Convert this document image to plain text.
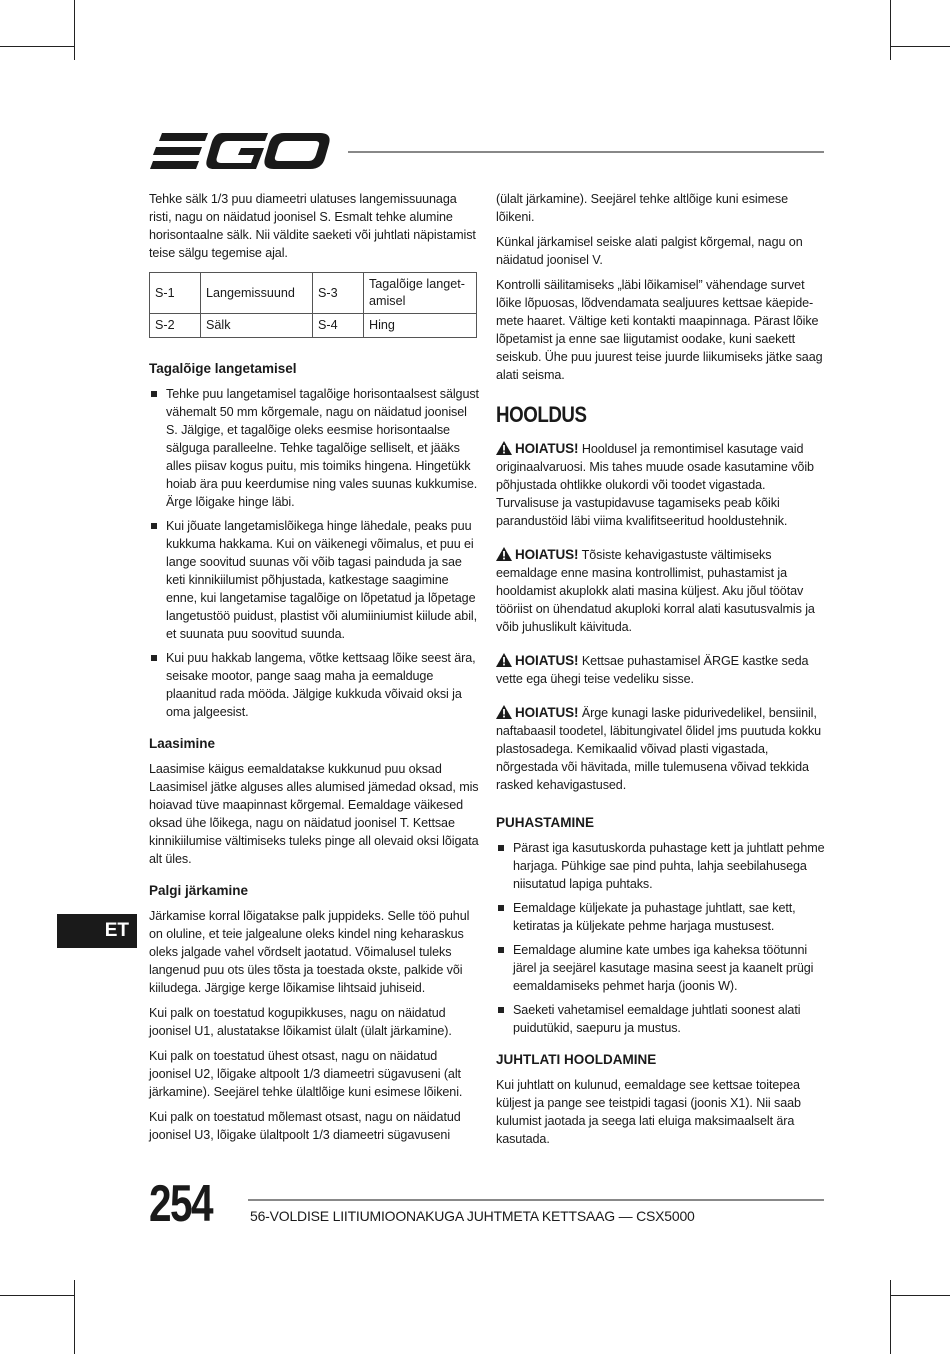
Tehke sälk 1/3 puu diameetri ulatuses langemissuunaga risti, nagu on näidatud joonisel S. Esmalt tehke alumine horisontaalne sälk. Nii väldite saeketi või juhtlati näpistamist teise sälgu tegemise ajal.

S-1	Langemissuund	S-3	Tagalõige langetamisel
S-2	Sälk	S-4	Hing
Tagalõige langetamisel
Tehke puu langetamisel tagalõige horisontaalsest sälgust vähemalt 50 mm kõrgemale, nagu on näidatud joonisel S. Jälgige, et tagalõige oleks eesmise horisontaalse sälguga paralleelne. Tehke tagalõige selliselt, et jääks alles piisav kogus puitu, mis toimiks hingena. Hingetükk hoiab ära puu keerdumise ning vales suunas kukkumise. Ärge lõigake hinge läbi.
Kui jõuate langetamislõikega hinge lähedale, peaks puu kukkuma hakkama. Kui on väikenegi võimalus, et puu ei lange soovitud suunas või võib tagasi painduda ja sae keti kinnikiilumist põhjustada, katkestage saagimine enne, kui langetamise tagalõige on lõpetatud ja lõpetage langetustöö puidust, plastist või alumiiniumist kiilude abil, et suunata puu soovitud suunda.
Kui puu hakkab langema, võtke kettsaag lõike seest ära, seisake mootor, pange saag maha ja eemalduge plaanitud rada mööda. Jälgige kukkuda võivaid oksi ja oma jalgeesist.
Laasimine

Laasimise käigus eemaldatakse kukkunud puu oksad Laasimisel jätke alguses alles alumised jämedad oksad, mis hoiavad tüve maapinnast kõrgemal. Eemaldage väikesed oksad ühe lõikega, nagu on näidatud joonisel T. Kettsae kinnikiilumise vältimiseks tuleks pinge all olevaid oksi lõigata alt üles.

Palgi järkamine

Järkamise korral lõigatakse palk juppideks. Selle töö puhul on oluline, et teie jalgealune oleks kindel ning keharaskus oleks jalgade vahel võrdselt jaotatud. Võimalusel tuleks langenud puu ots üles tõsta ja toestada okste, palkide või kiiludega. Järgige kerge lõikamise lihtsaid juhiseid.

Kui palk on toestatud kogupikkuses, nagu on näidatud joonisel U1, alustatakse lõikamist ülalt (ülalt järkamine).

Kui palk on toestatud ühest otsast, nagu on näidatud joonisel U2, lõigake altpoolt 1/3 diameetri sügavuseni (alt järkamine). Seejärel tehke ülaltlõige kuni esimese lõikeni.

Kui palk on toestatud mõlemast otsast, nagu on näidatud joonisel U3, lõigake ülaltpoolt 1/3 diameetri sügavuseni

(ülalt järkamine). Seejärel tehke altlõige kuni esimese lõikeni.

Künkal järkamisel seiske alati palgist kõrgemal, nagu on näidatud joonisel V.

Kontrolli säilitamiseks „läbi lõikamisel” vähendage survet lõike lõpuosas, lõdvendamata sealjuures kettsae käepidemete haaret. Vältige keti kontakti maapinnaga. Pärast lõike lõpetamist ja enne sae liigutamist oodake, kuni saekett seiskub. Ühe puu juurest teise juurde liikumiseks jätke saag alati seisma.

HOOLDUS

HOIATUS! Hooldusel ja remontimisel kasutage vaid originaalvaruosi. Mis tahes muude osade kasutamine võib põhjustada ohtlikke olukordi või toodet vigastada. Turvalisuse ja vastupidavuse tagamiseks peab kõiki parandustöid läbi viima kvalifitseeritud hooldustehnik.

HOIATUS! Tõsiste kehavigastuste vältimiseks eemaldage enne masina kontrollimist, puhastamist ja hooldamist akuplokk alati masina küljest. Aku jõul töötav tööriist on ühendatud akuploki korral alati kasutusvalmis ja võib juhuslikult käivituda.

HOIATUS! Kettsae puhastamisel ÄRGE kastke seda vette ega ühegi teise vedeliku sisse.

HOIATUS! Ärge kunagi laske pidurivedelikel, bensiinil, naftabaasil toodetel, läbitungivatel õlidel jms puutuda kokku plastosadega. Kemikaalid võivad plasti vigastada, nõrgestada või hävitada, mille tulemusena võivad tekkida rasked kehavigastused.

PUHASTAMINE
Pärast iga kasutuskorda puhastage kett ja juhtlatt pehme harjaga. Pühkige sae pind puhta, lahja seebilahusega niisutatud lapiga puhtaks.
Eemaldage küljekate ja puhastage juhtlatt, sae kett, ketiratas ja küljekate pehme harjaga mustusest.
Eemaldage alumine kate umbes iga kaheksa töötunni järel ja seejärel kasutage masina seest ja kaanelt prügi eemaldamiseks pehmet harja (joonis W).
Saeketi vahetamisel eemaldage juhtlati soonest alati puidutükid, saepuru ja mustus.
JUHTLATI HOOLDAMINE

Kui juhtlatt on kulunud, eemaldage see kettsae toitepea küljest ja pange see teistpidi tagasi (joonis X1). Nii saab kulumist jaotada ja seega lati eluiga maksimaalselt ära kasutada.

ET
254	56-VOLDISE LIITIUMIOONAKUGA JUHTMETA KETTSAAG — CSX5000
